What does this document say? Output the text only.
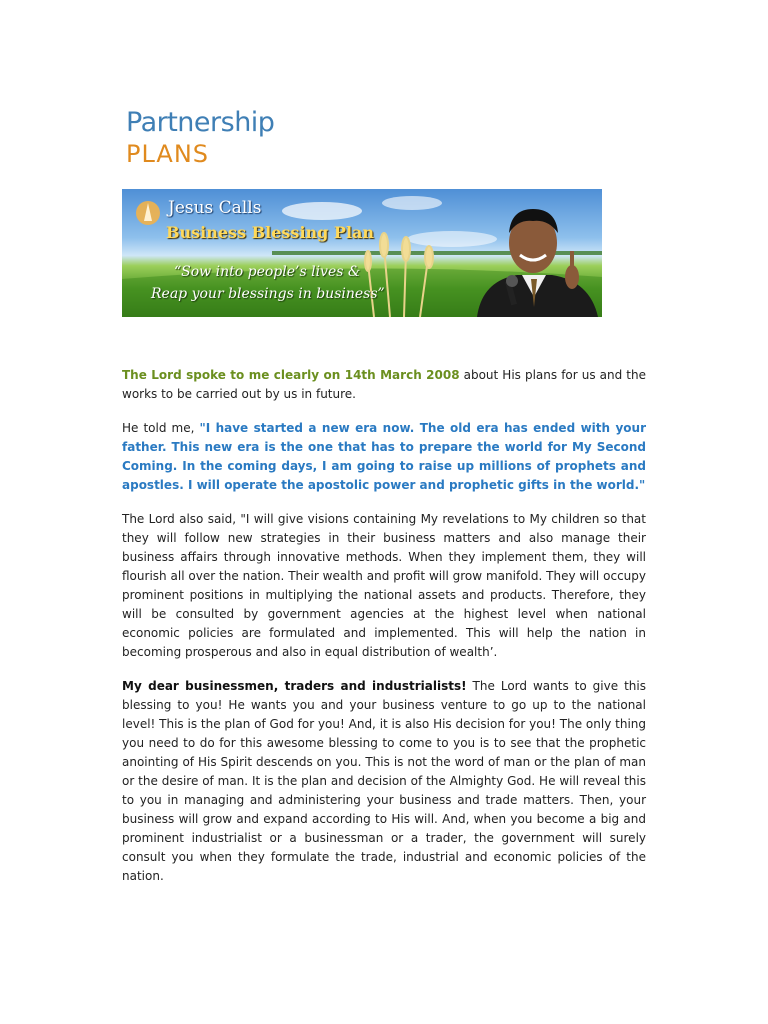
Partnership
PLANS
Jesus Calls
Business Blessing Plan
“Sow into people’s lives &
Reap your blessings in business”

The Lord spoke to me clearly on 14th March 2008 about His plans for us and the works to be carried out by us in future.

He told me, "I have started a new era now. The old era has ended with your father. This new era is the one that has to prepare the world for My Second Coming. In the coming days, I am going to raise up millions of prophets and apostles. I will operate the apostolic power and prophetic gifts in the world."

The Lord also said, "I will give visions containing My revelations to My children so that they will follow new strategies in their business matters and also manage their business affairs through innovative methods. When they implement them, they will flourish all over the nation. Their wealth and profit will grow manifold. They will occupy prominent positions in multiplying the national assets and products. Therefore, they will be consulted by government agencies at the highest level when national economic policies are formulated and implemented. This will help the nation in becoming prosperous and also in equal distribution of wealth’.

My dear businessmen, traders and industrialists! The Lord wants to give this blessing to you! He wants you and your business venture to go up to the national level! This is the plan of God for you! And, it is also His decision for you! The only thing you need to do for this awesome blessing to come to you is to see that the prophetic anointing of His Spirit descends on you. This is not the word of man or the plan of man or the desire of man. It is the plan and decision of the Almighty God. He will reveal this to you in managing and administering your business and trade matters. Then, your business will grow and expand according to His will. And, when you become a big and prominent industrialist or a businessman or a trader, the government will surely consult you when they formulate the trade, industrial and economic policies of the nation.
